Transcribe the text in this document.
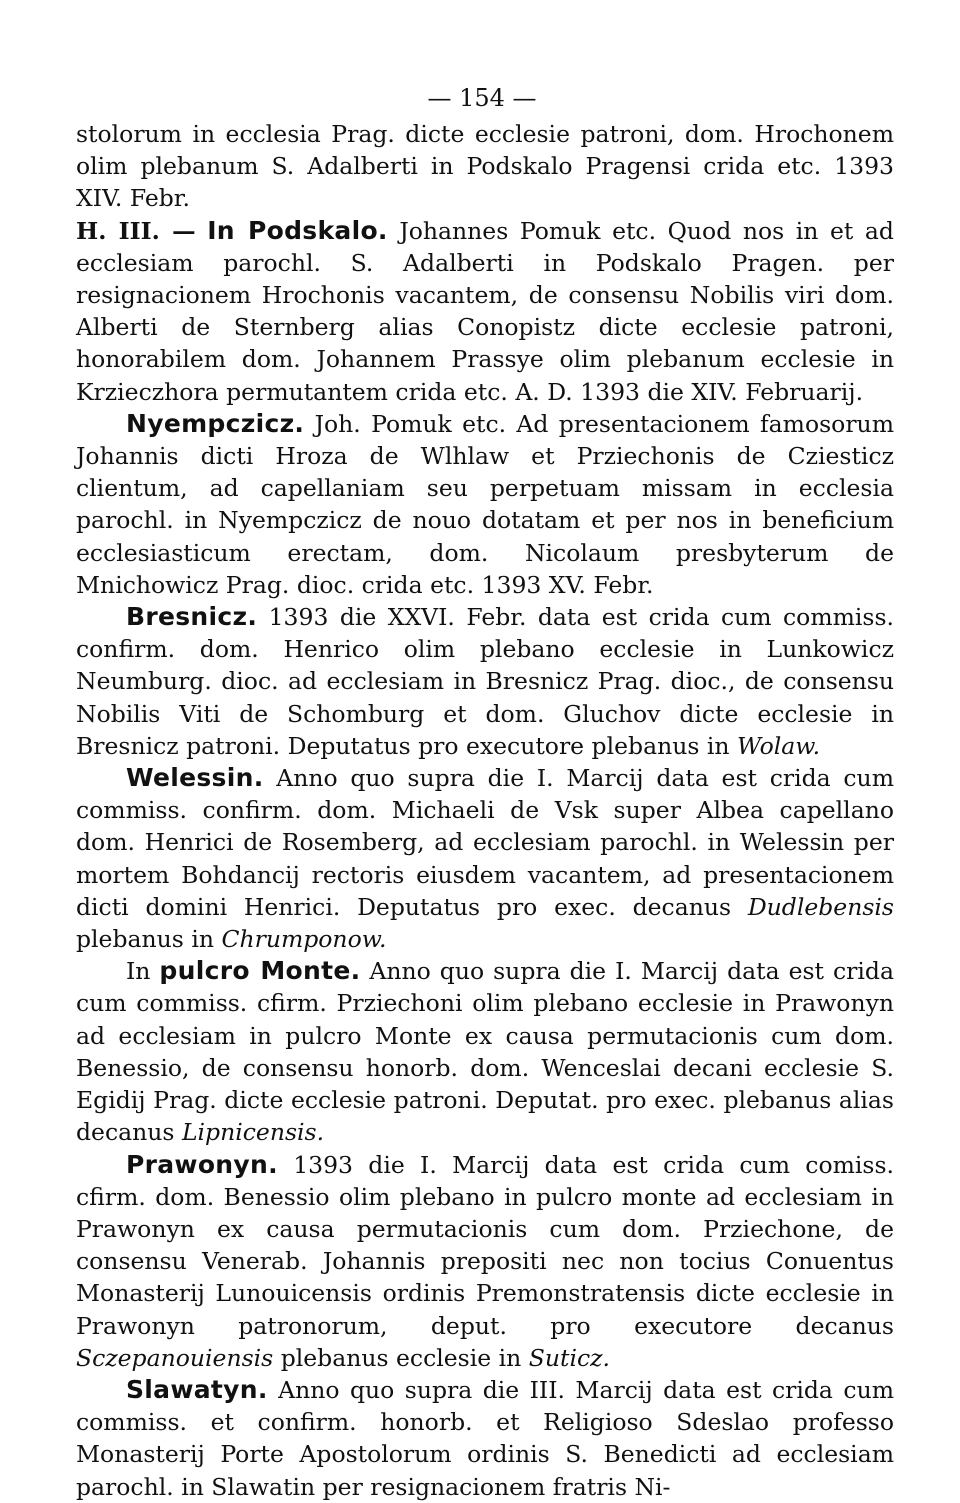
— 154 —

stolorum in ecclesia Prag. dicte ecclesie patroni, dom. Hrochonem olim plebanum S. Adalberti in Podskalo Pragensi crida etc. 1393 XIV. Febr.

H. III. — In Podskalo. Johannes Pomuk etc. Quod nos in et ad ecclesiam parochl. S. Adalberti in Podskalo Pragen. per resignacionem Hrochonis vacantem, de consensu Nobilis viri dom. Alberti de Sternberg alias Conopistz dicte ecclesie patroni, honorabilem dom. Johannem Prassye olim plebanum ecclesie in Krzieczhora permutantem crida etc. A. D. 1393 die XIV. Februarij.

Nyempczicz. Joh. Pomuk etc. Ad presentacionem famosorum Johannis dicti Hroza de Wlhlaw et Prziechonis de Cziesticz clientum, ad capellaniam seu perpetuam missam in ecclesia parochl. in Nyempczicz de nouo dotatam et per nos in beneficium ecclesiasticum erectam, dom. Nicolaum presbyterum de Mnichowicz Prag. dioc. crida etc. 1393 XV. Febr.

Bresnicz. 1393 die XXVI. Febr. data est crida cum commiss. confirm. dom. Henrico olim plebano ecclesie in Lunkowicz Neumburg. dioc. ad ecclesiam in Bresnicz Prag. dioc., de consensu Nobilis Viti de Schomburg et dom. Gluchov dicte ecclesie in Bresnicz patroni. Deputatus pro executore plebanus in Wolaw.

Welessin. Anno quo supra die I. Marcij data est crida cum commiss. confirm. dom. Michaeli de Vsk super Albea capellano dom. Henrici de Rosemberg, ad ecclesiam parochl. in Welessin per mortem Bohdancij rectoris eiusdem vacantem, ad presentacionem dicti domini Henrici. Deputatus pro exec. decanus Dudlebensis plebanus in Chrumponow.

In pulcro Monte. Anno quo supra die I. Marcij data est crida cum commiss. cfirm. Prziechoni olim plebano ecclesie in Prawonyn ad ecclesiam in pulcro Monte ex causa permutacionis cum dom. Benessio, de consensu honorb. dom. Wenceslai decani ecclesie S. Egidij Prag. dicte ecclesie patroni. Deputat. pro exec. plebanus alias decanus Lipnicensis.

Prawonyn. 1393 die I. Marcij data est crida cum comiss. cfirm. dom. Benessio olim plebano in pulcro monte ad ecclesiam in Prawonyn ex causa permutacionis cum dom. Prziechone, de consensu Venerab. Johannis prepositi nec non tocius Conuentus Monasterij Lunouicensis ordinis Premonstratensis dicte ecclesie in Prawonyn patronorum, deput. pro executore decanus Sczepanouiensis plebanus ecclesie in Suticz.

Slawatyn. Anno quo supra die III. Marcij data est crida cum commiss. et confirm. honorb. et Religioso Sdeslao professo Monasterij Porte Apostolorum ordinis S. Benedicti ad ecclesiam parochl. in Slawatin per resignacionem fratris Ni-
